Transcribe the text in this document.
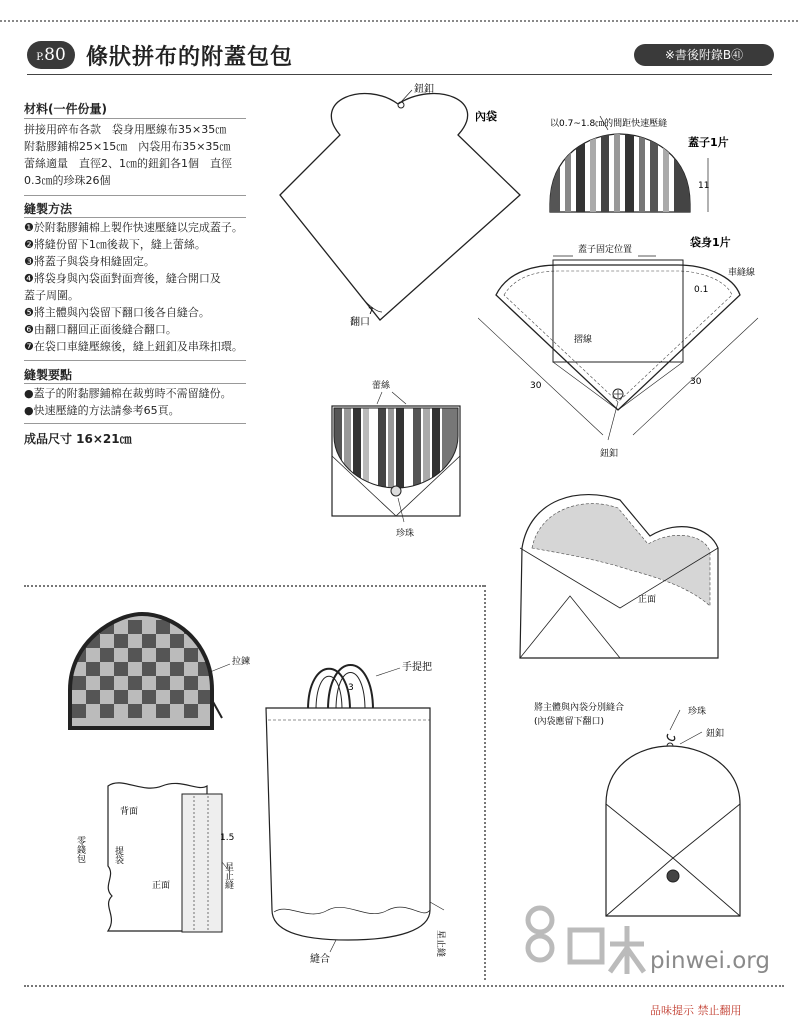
P.80 條狀拼布的附蓋包包	※書後附錄B㊶
材料(一件份量)
拼接用碎布各款　袋身用壓線布35×35㎝
附黏膠鋪棉25×15㎝　內袋用布35×35㎝
蕾絲適量　直徑2、1㎝的鈕釦各1個　直徑
0.3㎝的珍珠26個
縫製方法
❶於附黏膠鋪棉上製作快速壓縫以完成蓋子。
❷將縫份留下1㎝後裁下，縫上蕾絲。
❸將蓋子與袋身相縫固定。
❹將袋身與內袋面對面齊後，縫合開口及
蓋子周圍。
❺將主體與內袋留下翻口後各自縫合。
❻由翻口翻回正面後縫合翻口。
❼在袋口車縫壓線後，縫上鈕釦及串珠扣環。
縫製要點
●蓋子的附黏膠鋪棉在裁剪時不需留縫份。
●快速壓縫的方法請參考65頁。
成品尺寸 16×21㎝
鈕釦
內袋
7
翻口
以0.7~1.8㎝的間距快速壓縫
蓋子1片
11
袋身1片
蓋子固定位置
車縫線
0.1
摺線
30	30
鈕釦
蕾絲
珍珠
正面
拉鍊
3
手提把
星止縫
縫合
背面
正面
零錢包	提袋
1.5
星止縫
將主體與內袋分別縫合
(內袋應留下翻口)
珍珠
鈕釦
pinwei.org
品味提示 禁止翻用
